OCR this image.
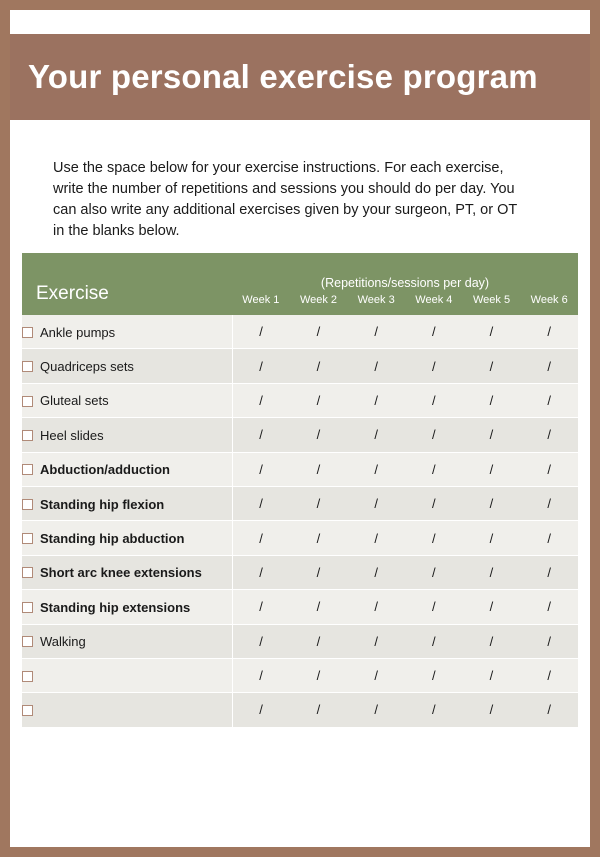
Your personal exercise program
Use the space below for your exercise instructions. For each exercise, write the number of repetitions and sessions you should do per day. You can also write any additional exercises given by your surgeon, PT, or OT in the blanks below.
Exercise	(Repetitions/sessions per day)
Week 1	Week 2	Week 3	Week 4	Week 5	Week 6

Ankle pumps	/	/	/	/	/	/
Quadriceps sets	/	/	/	/	/	/
Gluteal sets	/	/	/	/	/	/
Heel slides	/	/	/	/	/	/
Abduction/adduction	/	/	/	/	/	/
Standing hip flexion	/	/	/	/	/	/
Standing hip abduction	/	/	/	/	/	/
Short arc knee extensions	/	/	/	/	/	/
Standing hip extensions	/	/	/	/	/	/
Walking	/	/	/	/	/	/
	/	/	/	/	/	/
	/	/	/	/	/	/
